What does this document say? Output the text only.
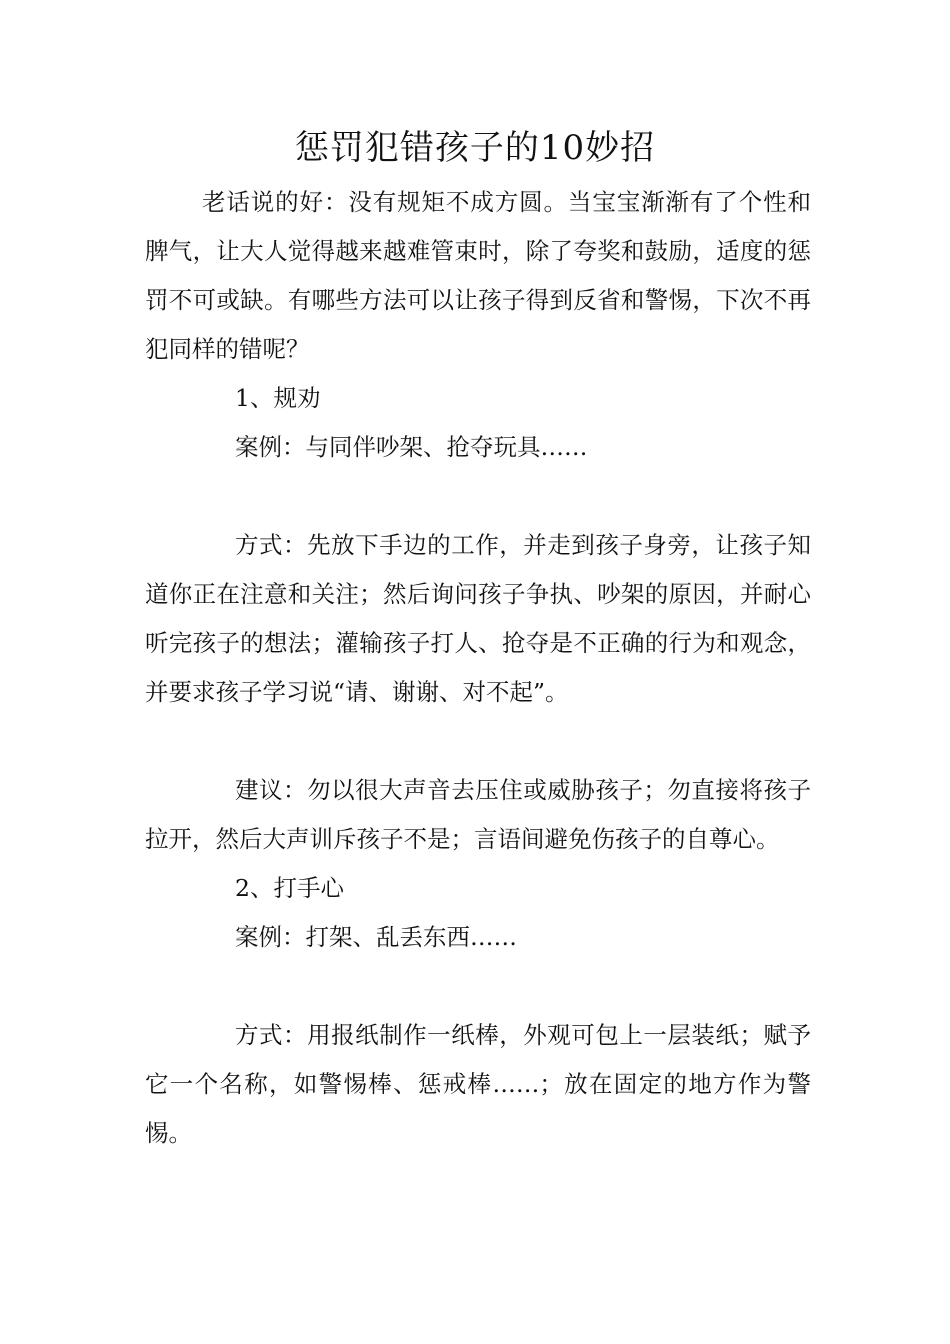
惩罚犯错孩子的10妙招

老话说的好：没有规矩不成方圆。当宝宝渐渐有了个性和脾气，让大人觉得越来越难管束时，除了夸奖和鼓励，适度的惩罚不可或缺。有哪些方法可以让孩子得到反省和警惕，下次不再犯同样的错呢？

1、规劝

案例：与同伴吵架、抢夺玩具……

方式：先放下手边的工作，并走到孩子身旁，让孩子知道你正在注意和关注；然后询问孩子争执、吵架的原因，并耐心听完孩子的想法；灌输孩子打人、抢夺是不正确的行为和观念，并要求孩子学习说“请、谢谢、对不起”。

建议：勿以很大声音去压住或威胁孩子；勿直接将孩子拉开，然后大声训斥孩子不是；言语间避免伤孩子的自尊心。

2、打手心

案例：打架、乱丢东西……

方式：用报纸制作一纸棒，外观可包上一层装纸；赋予它一个名称，如警惕棒、惩戒棒……；放在固定的地方作为警惕。
